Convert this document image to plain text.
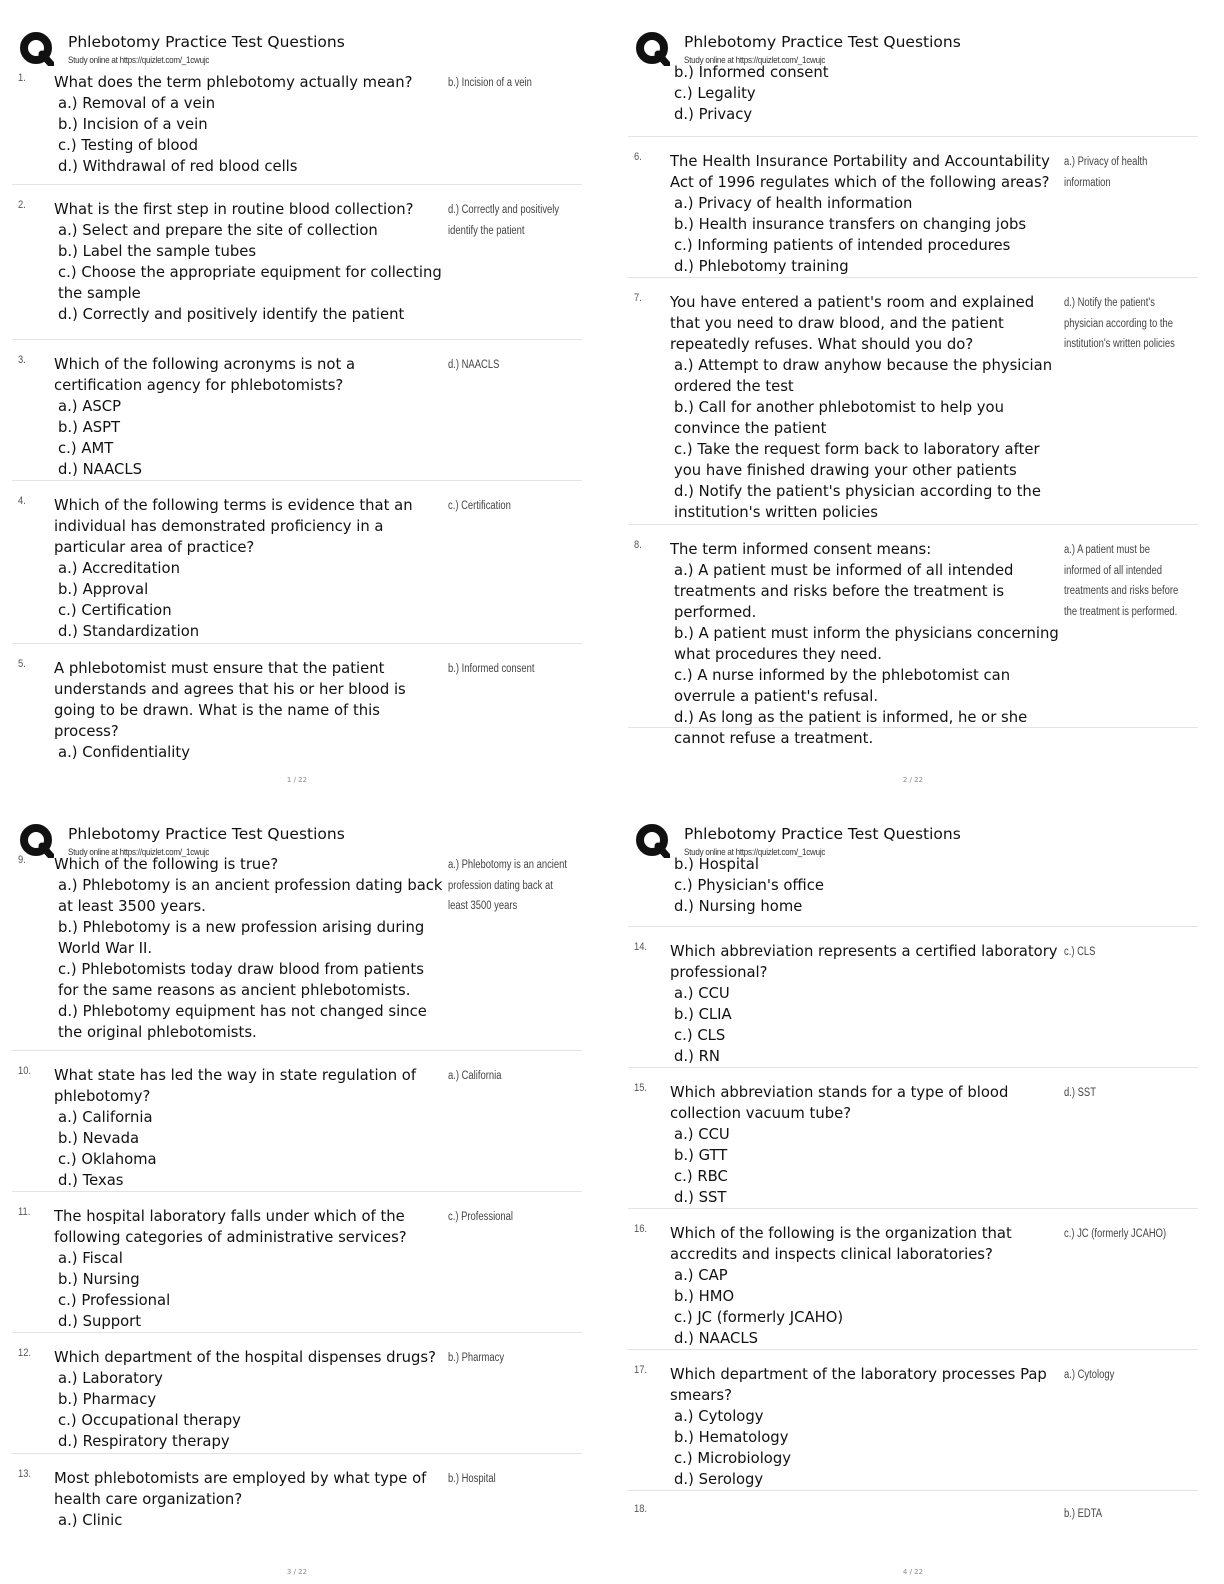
Phlebotomy Practice Test Questions
Study online at https://quizlet.com/_1cwujc
1. What does the term phlebotomy actually mean?
a.) Removal of a vein
b.) Incision of a vein
c.) Testing of blood
d.) Withdrawal of red blood cells
b.) Incision of a vein
2. What is the first step in routine blood collection?
a.) Select and prepare the site of collection
b.) Label the sample tubes
c.) Choose the appropriate equipment for collecting the sample
d.) Correctly and positively identify the patient
d.) Correctly and positively identify the patient
3. Which of the following acronyms is not a certification agency for phlebotomists?
a.) ASCP
b.) ASPT
c.) AMT
d.) NAACLS
d.) NAACLS
4. Which of the following terms is evidence that an individual has demonstrated proficiency in a particular area of practice?
a.) Accreditation
b.) Approval
c.) Certification
d.) Standardization
c.) Certification
5. A phlebotomist must ensure that the patient understands and agrees that his or her blood is going to be drawn. What is the name of this process?
a.) Confidentiality
b.) Informed consent
1 / 22
Phlebotomy Practice Test Questions
Study online at https://quizlet.com/_1cwujc
b.) Informed consent
c.) Legality
d.) Privacy
6. The Health Insurance Portability and Accountability Act of 1996 regulates which of the following areas?
a.) Privacy of health information
b.) Health insurance transfers on changing jobs
c.) Informing patients of intended procedures
d.) Phlebotomy training
a.) Privacy of health information
7. You have entered a patient's room and explained that you need to draw blood, and the patient repeatedly refuses. What should you do?
a.) Attempt to draw anyhow because the physician ordered the test
b.) Call for another phlebotomist to help you convince the patient
c.) Take the request form back to laboratory after you have finished drawing your other patients
d.) Notify the patient's physician according to the institution's written policies
d.) Notify the patient's physician according to the institution's written policies
8. The term informed consent means:
a.) A patient must be informed of all intended treatments and risks before the treatment is performed.
b.) A patient must inform the physicians concerning what procedures they need.
c.) A nurse informed by the phlebotomist can overrule a patient's refusal.
d.) As long as the patient is informed, he or she cannot refuse a treatment.
a.) A patient must be informed of all intended treatments and risks before the treatment is performed.
2 / 22
Phlebotomy Practice Test Questions
Study online at https://quizlet.com/_1cwujc
9. Which of the following is true?
a.) Phlebotomy is an ancient profession dating back at least 3500 years.
b.) Phlebotomy is a new profession arising during World War II.
c.) Phlebotomists today draw blood from patients for the same reasons as ancient phlebotomists.
d.) Phlebotomy equipment has not changed since the original phlebotomists.
a.) Phlebotomy is an ancient profession dating back at least 3500 years
10. What state has led the way in state regulation of phlebotomy?
a.) California
b.) Nevada
c.) Oklahoma
d.) Texas
a.) California
11. The hospital laboratory falls under which of the following categories of administrative services?
a.) Fiscal
b.) Nursing
c.) Professional
d.) Support
c.) Professional
12. Which department of the hospital dispenses drugs?
a.) Laboratory
b.) Pharmacy
c.) Occupational therapy
d.) Respiratory therapy
b.) Pharmacy
13. Most phlebotomists are employed by what type of health care organization?
a.) Clinic
b.) Hospital
3 / 22
Phlebotomy Practice Test Questions
Study online at https://quizlet.com/_1cwujc
b.) Hospital
c.) Physician's office
d.) Nursing home
14. Which abbreviation represents a certified laboratory professional?
a.) CCU
b.) CLIA
c.) CLS
d.) RN
c.) CLS
15. Which abbreviation stands for a type of blood collection vacuum tube?
a.) CCU
b.) GTT
c.) RBC
d.) SST
d.) SST
16. Which of the following is the organization that accredits and inspects clinical laboratories?
a.) CAP
b.) HMO
c.) JC (formerly JCAHO)
d.) NAACLS
c.) JC (formerly JCAHO)
17. Which department of the laboratory processes Pap smears?
a.) Cytology
b.) Hematology
c.) Microbiology
d.) Serology
a.) Cytology
18.	b.) EDTA
4 / 22
